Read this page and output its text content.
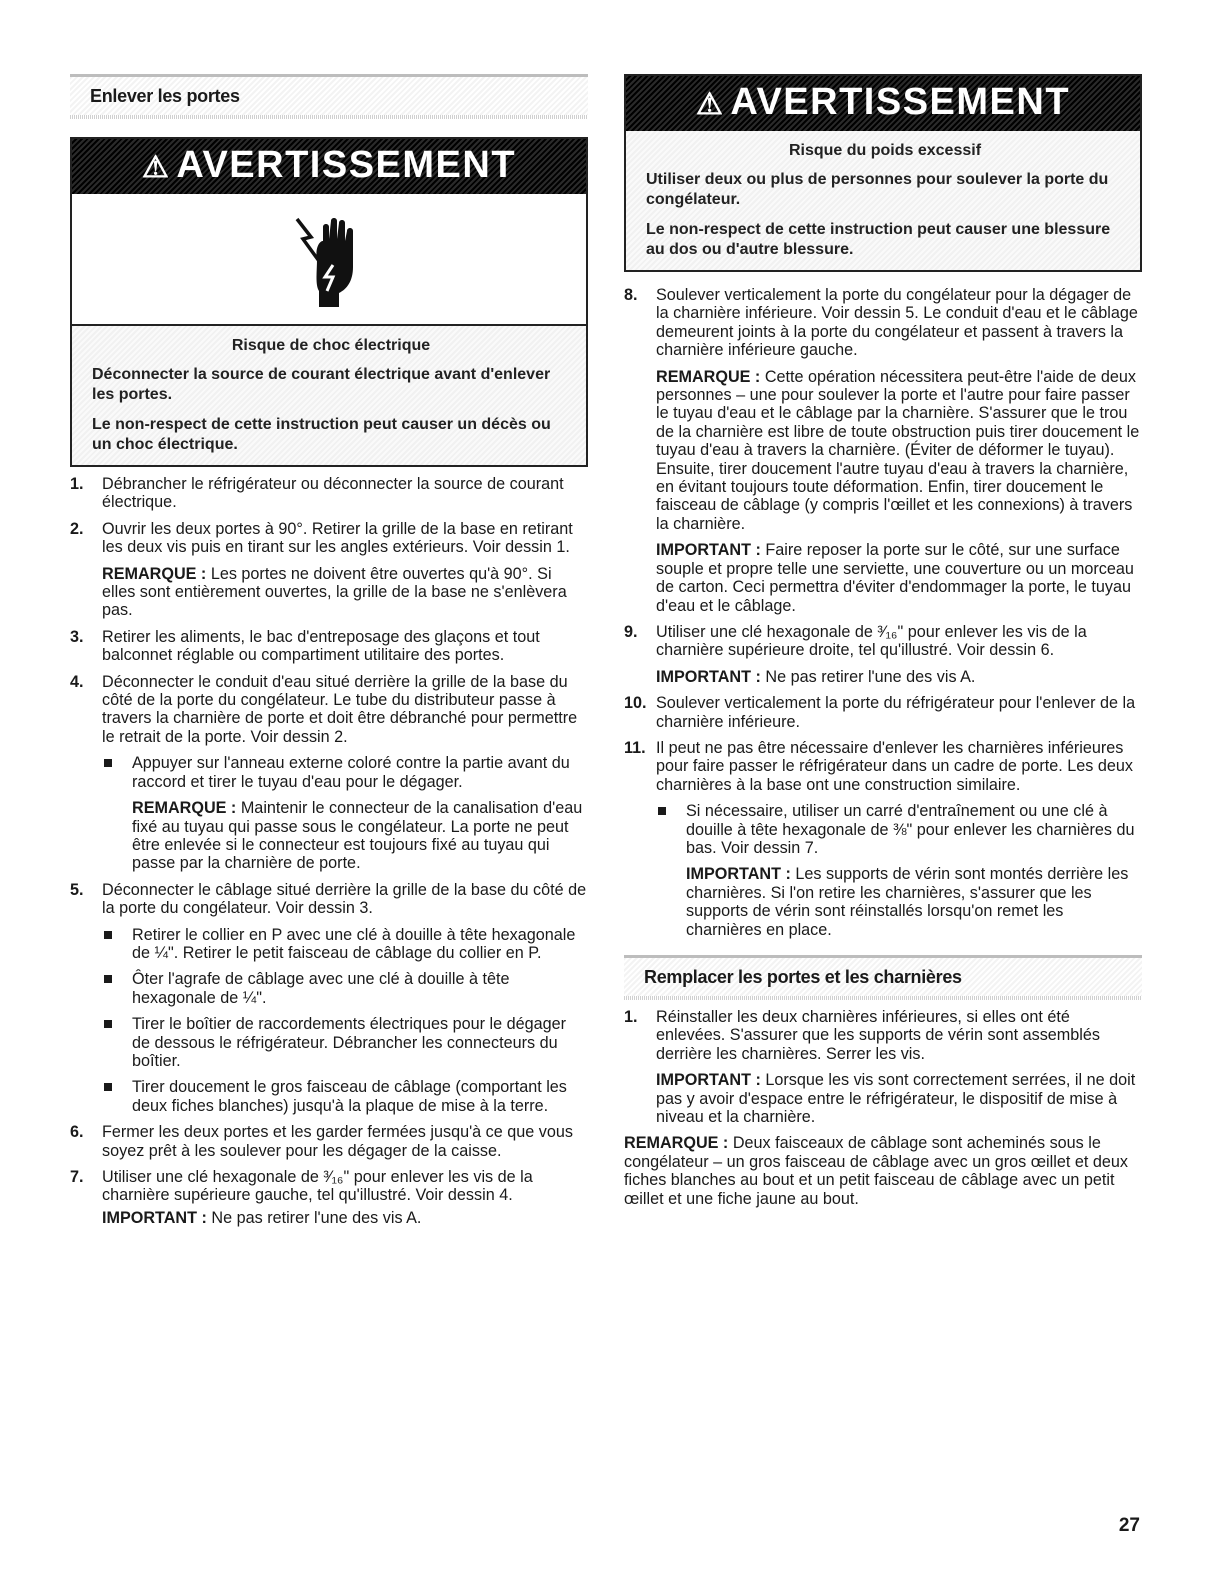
Enlever les portes
⚠ AVERTISSEMENT
Risque de choc électrique
Déconnecter la source de courant électrique avant d'enlever les portes.
Le non-respect de cette instruction peut causer un décès ou un choc électrique.
1. Débrancher le réfrigérateur ou déconnecter la source de courant électrique.
2. Ouvrir les deux portes à 90°. Retirer la grille de la base en retirant les deux vis puis en tirant sur les angles extérieurs. Voir dessin 1.
REMARQUE : Les portes ne doivent être ouvertes qu'à 90°. Si elles sont entièrement ouvertes, la grille de la base ne s'enlèvera pas.
3. Retirer les aliments, le bac d'entreposage des glaçons et tout balconnet réglable ou compartiment utilitaire des portes.
4. Déconnecter le conduit d'eau situé derrière la grille de la base du côté de la porte du congélateur. Le tube du distributeur passe à travers la charnière de porte et doit être débranché pour permettre le retrait de la porte. Voir dessin 2.
Appuyer sur l'anneau externe coloré contre la partie avant du raccord et tirer le tuyau d'eau pour le dégager.
REMARQUE : Maintenir le connecteur de la canalisation d'eau fixé au tuyau qui passe sous le congélateur. La porte ne peut être enlevée si le connecteur est toujours fixé au tuyau qui passe par la charnière de porte.
5. Déconnecter le câblage situé derrière la grille de la base du côté de la porte du congélateur. Voir dessin 3.
Retirer le collier en P avec une clé à douille à tête hexagonale de ¼". Retirer le petit faisceau de câblage du collier en P.
Ôter l'agrafe de câblage avec une clé à douille à tête hexagonale de ¼".
Tirer le boîtier de raccordements électriques pour le dégager de dessous le réfrigérateur. Débrancher les connecteurs du boîtier.
Tirer doucement le gros faisceau de câblage (comportant les deux fiches blanches) jusqu'à la plaque de mise à la terre.
6. Fermer les deux portes et les garder fermées jusqu'à ce que vous soyez prêt à les soulever pour les dégager de la caisse.
7. Utiliser une clé hexagonale de ³⁄₁₆" pour enlever les vis de la charnière supérieure gauche, tel qu'illustré. Voir dessin 4.
IMPORTANT : Ne pas retirer l'une des vis A.
⚠ AVERTISSEMENT
Risque du poids excessif
Utiliser deux ou plus de personnes pour soulever la porte du congélateur.
Le non-respect de cette instruction peut causer une blessure au dos ou d'autre blessure.
8. Soulever verticalement la porte du congélateur pour la dégager de la charnière inférieure. Voir dessin 5. Le conduit d'eau et le câblage demeurent joints à la porte du congélateur et passent à travers la charnière inférieure gauche.
REMARQUE : Cette opération nécessitera peut-être l'aide de deux personnes – une pour soulever la porte et l'autre pour faire passer le tuyau d'eau et le câblage par la charnière. S'assurer que le trou de la charnière est libre de toute obstruction puis tirer doucement le tuyau d'eau à travers la charnière. (Éviter de déformer le tuyau). Ensuite, tirer doucement l'autre tuyau d'eau à travers la charnière, en évitant toujours toute déformation. Enfin, tirer doucement le faisceau de câblage (y compris l'œillet et les connexions) à travers la charnière.
IMPORTANT : Faire reposer la porte sur le côté, sur une surface souple et propre telle une serviette, une couverture ou un morceau de carton. Ceci permettra d'éviter d'endommager la porte, le tuyau d'eau et le câblage.
9. Utiliser une clé hexagonale de ³⁄₁₆" pour enlever les vis de la charnière supérieure droite, tel qu'illustré. Voir dessin 6.
IMPORTANT : Ne pas retirer l'une des vis A.
10. Soulever verticalement la porte du réfrigérateur pour l'enlever de la charnière inférieure.
11. Il peut ne pas être nécessaire d'enlever les charnières inférieures pour faire passer le réfrigérateur dans un cadre de porte. Les deux charnières à la base ont une construction similaire.
Si nécessaire, utiliser un carré d'entraînement ou une clé à douille à tête hexagonale de ⅜" pour enlever les charnières du bas. Voir dessin 7.
IMPORTANT : Les supports de vérin sont montés derrière les charnières. Si l'on retire les charnières, s'assurer que les supports de vérin sont réinstallés lorsqu'on remet les charnières en place.
Remplacer les portes et les charnières
1. Réinstaller les deux charnières inférieures, si elles ont été enlevées. S'assurer que les supports de vérin sont assemblés derrière les charnières. Serrer les vis.
IMPORTANT : Lorsque les vis sont correctement serrées, il ne doit pas y avoir d'espace entre le réfrigérateur, le dispositif de mise à niveau et la charnière.
REMARQUE : Deux faisceaux de câblage sont acheminés sous le congélateur – un gros faisceau de câblage avec un gros œillet et deux fiches blanches au bout et un petit faisceau de câblage avec un petit œillet et une fiche jaune au bout.
27
